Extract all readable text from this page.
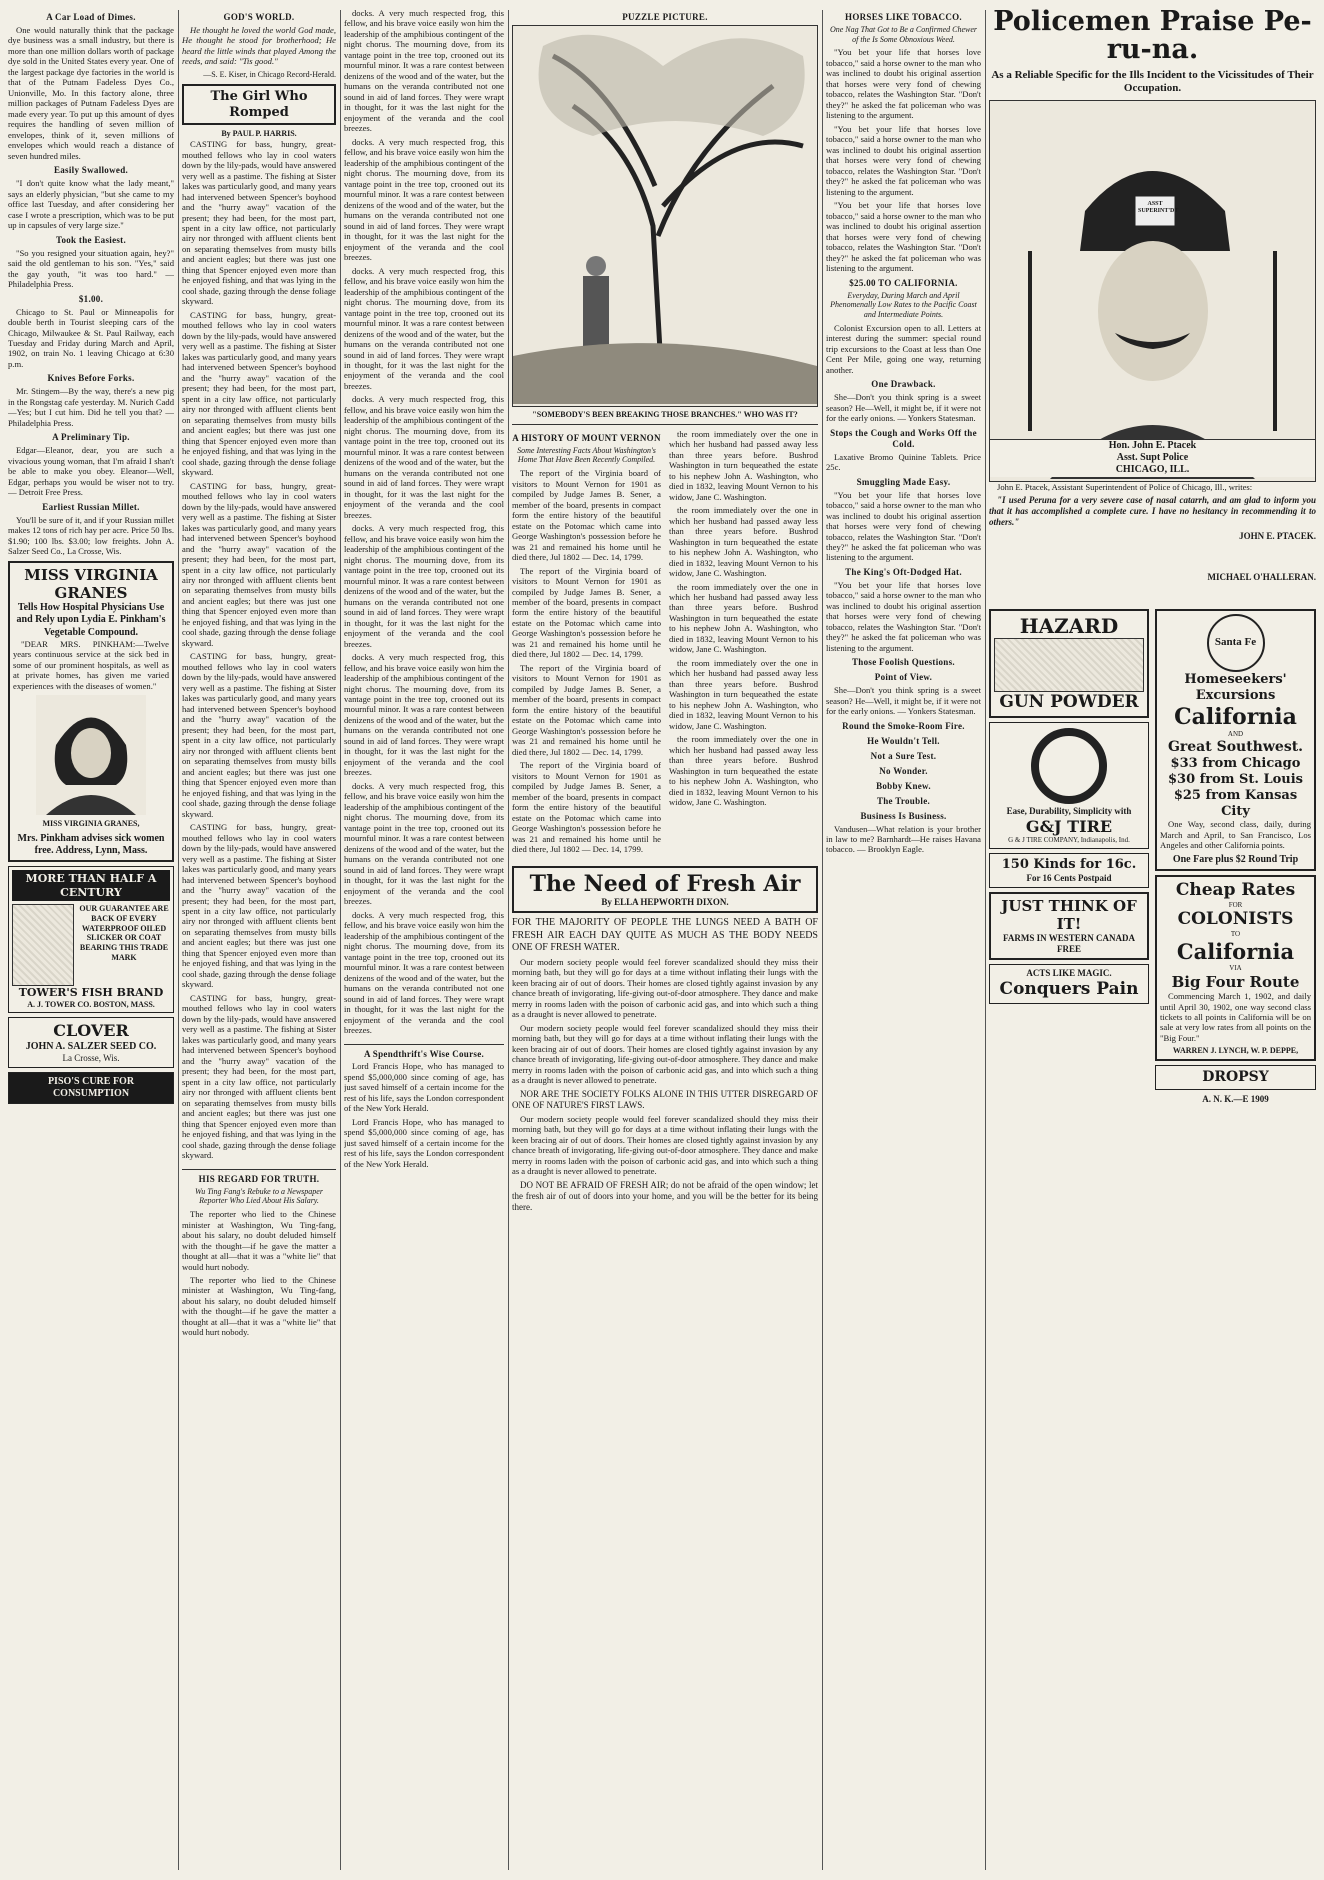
A Car Load of Dimes.

One would naturally think that the package dye business was a small industry, but there is more than one million dollars worth of package dye sold in the United States every year. One of the largest package dye factories in the world is that of the Putnam Fadeless Dyes Co., Unionville, Mo. In this factory alone, three million packages of Putnam Fadeless Dyes are made every year. To put up this amount of dyes requires the handling of seven million of envelopes, think of it, seven millions of envelopes which would reach a distance of seven hundred miles.

Easily Swallowed.

"I don't quite know what the lady meant," says an elderly physician, "but she came to my office last Tuesday, and after considering her case I wrote a prescription, which was to be put up in capsules of very large size."

Took the Easiest.

"So you resigned your situation again, hey?" said the old gentleman to his son. "Yes," said the gay youth, "it was too hard." — Philadelphia Press.

$1.00.

Chicago to St. Paul or Minneapolis for double berth in Tourist sleeping cars of the Chicago, Milwaukee & St. Paul Railway, each Tuesday and Friday during March and April, 1902, on train No. 1 leaving Chicago at 6:30 p.m.

Knives Before Forks.

Mr. Stingem—By the way, there's a new pig in the Rongstag cafe yesterday. M. Nurich Cadd—Yes; but I cut him. Did he tell you that? — Philadelphia Press.

A Preliminary Tip.

Edgar—Eleanor, dear, you are such a vivacious young woman, that I'm afraid I shan't be able to make you obey. Eleanor—Well, Edgar, perhaps you would be wiser not to try. — Detroit Free Press.

Earliest Russian Millet.

You'll be sure of it, and if your Russian millet makes 12 tons of rich hay per acre. Price 50 lbs. $1.90; 100 lbs. $3.00; low freights. John A. Salzer Seed Co., La Crosse, Wis.

MISS VIRGINIA GRANES
Tells How Hospital Physicians Use and Rely upon Lydia E. Pinkham's Vegetable Compound.

"DEAR MRS. PINKHAM:—Twelve years continuous service at the sick bed in some of our prominent hospitals, as well as at private homes, has given me varied experiences with the diseases of women."

MISS VIRGINIA GRANES,
Mrs. Pinkham advises sick women free. Address, Lynn, Mass.
MORE THAN HALF A CENTURY
OUR GUARANTEE ARE BACK OF EVERY WATERPROOF OILED SLICKER OR COAT BEARING THIS TRADE MARK
TOWER'S FISH BRAND
A. J. TOWER CO. BOSTON, MASS.
CLOVER
JOHN A. SALZER SEED CO.
La Crosse, Wis.
PISO'S CURE FOR CONSUMPTION
GOD'S WORLD.

He thought he loved the world God made, He thought he stood for brotherhood; He heard the little winds that played Among the reeds, and said: "Tis good."

—S. E. Kiser, in Chicago Record-Herald.
The Girl Who Romped
By PAUL P. HARRIS.

CASTING for bass, hungry, great-mouthed fellows who lay in cool waters down by the lily-pads, would have answered very well as a pastime. The fishing at Sister lakes was particularly good, and many years had intervened between Spencer's boyhood and the "hurry away" vacation of the present; they had been, for the most part, spent in a city law office, not particularly airy nor thronged with affluent clients bent on separating themselves from musty bills and ancient eagles; but there was just one thing that Spencer enjoyed even more than he enjoyed fishing, and that was lying in the cool shade, gazing through the dense foliage skyward.

CASTING for bass, hungry, great-mouthed fellows who lay in cool waters down by the lily-pads, would have answered very well as a pastime. The fishing at Sister lakes was particularly good, and many years had intervened between Spencer's boyhood and the "hurry away" vacation of the present; they had been, for the most part, spent in a city law office, not particularly airy nor thronged with affluent clients bent on separating themselves from musty bills and ancient eagles; but there was just one thing that Spencer enjoyed even more than he enjoyed fishing, and that was lying in the cool shade, gazing through the dense foliage skyward.

CASTING for bass, hungry, great-mouthed fellows who lay in cool waters down by the lily-pads, would have answered very well as a pastime. The fishing at Sister lakes was particularly good, and many years had intervened between Spencer's boyhood and the "hurry away" vacation of the present; they had been, for the most part, spent in a city law office, not particularly airy nor thronged with affluent clients bent on separating themselves from musty bills and ancient eagles; but there was just one thing that Spencer enjoyed even more than he enjoyed fishing, and that was lying in the cool shade, gazing through the dense foliage skyward.

CASTING for bass, hungry, great-mouthed fellows who lay in cool waters down by the lily-pads, would have answered very well as a pastime. The fishing at Sister lakes was particularly good, and many years had intervened between Spencer's boyhood and the "hurry away" vacation of the present; they had been, for the most part, spent in a city law office, not particularly airy nor thronged with affluent clients bent on separating themselves from musty bills and ancient eagles; but there was just one thing that Spencer enjoyed even more than he enjoyed fishing, and that was lying in the cool shade, gazing through the dense foliage skyward.

CASTING for bass, hungry, great-mouthed fellows who lay in cool waters down by the lily-pads, would have answered very well as a pastime. The fishing at Sister lakes was particularly good, and many years had intervened between Spencer's boyhood and the "hurry away" vacation of the present; they had been, for the most part, spent in a city law office, not particularly airy nor thronged with affluent clients bent on separating themselves from musty bills and ancient eagles; but there was just one thing that Spencer enjoyed even more than he enjoyed fishing, and that was lying in the cool shade, gazing through the dense foliage skyward.

CASTING for bass, hungry, great-mouthed fellows who lay in cool waters down by the lily-pads, would have answered very well as a pastime. The fishing at Sister lakes was particularly good, and many years had intervened between Spencer's boyhood and the "hurry away" vacation of the present; they had been, for the most part, spent in a city law office, not particularly airy nor thronged with affluent clients bent on separating themselves from musty bills and ancient eagles; but there was just one thing that Spencer enjoyed even more than he enjoyed fishing, and that was lying in the cool shade, gazing through the dense foliage skyward.

HIS REGARD FOR TRUTH.
Wu Ting Fang's Rebuke to a Newspaper Reporter Who Lied About His Salary.

The reporter who lied to the Chinese minister at Washington, Wu Ting-fang, about his salary, no doubt deluded himself with the thought—if he gave the matter a thought at all—that it was a "white lie" that would hurt nobody.

The reporter who lied to the Chinese minister at Washington, Wu Ting-fang, about his salary, no doubt deluded himself with the thought—if he gave the matter a thought at all—that it was a "white lie" that would hurt nobody.

docks. A very much respected frog, this fellow, and his brave voice easily won him the leadership of the amphibious contingent of the night chorus. The mourning dove, from its vantage point in the tree top, crooned out its mournful minor. It was a rare contest between denizens of the wood and of the water, but the humans on the veranda contributed not one sound in aid of land forces. They were wrapt in thought, for it was the last night for the enjoyment of the veranda and the cool breezes.

docks. A very much respected frog, this fellow, and his brave voice easily won him the leadership of the amphibious contingent of the night chorus. The mourning dove, from its vantage point in the tree top, crooned out its mournful minor. It was a rare contest between denizens of the wood and of the water, but the humans on the veranda contributed not one sound in aid of land forces. They were wrapt in thought, for it was the last night for the enjoyment of the veranda and the cool breezes.

docks. A very much respected frog, this fellow, and his brave voice easily won him the leadership of the amphibious contingent of the night chorus. The mourning dove, from its vantage point in the tree top, crooned out its mournful minor. It was a rare contest between denizens of the wood and of the water, but the humans on the veranda contributed not one sound in aid of land forces. They were wrapt in thought, for it was the last night for the enjoyment of the veranda and the cool breezes.

docks. A very much respected frog, this fellow, and his brave voice easily won him the leadership of the amphibious contingent of the night chorus. The mourning dove, from its vantage point in the tree top, crooned out its mournful minor. It was a rare contest between denizens of the wood and of the water, but the humans on the veranda contributed not one sound in aid of land forces. They were wrapt in thought, for it was the last night for the enjoyment of the veranda and the cool breezes.

docks. A very much respected frog, this fellow, and his brave voice easily won him the leadership of the amphibious contingent of the night chorus. The mourning dove, from its vantage point in the tree top, crooned out its mournful minor. It was a rare contest between denizens of the wood and of the water, but the humans on the veranda contributed not one sound in aid of land forces. They were wrapt in thought, for it was the last night for the enjoyment of the veranda and the cool breezes.

docks. A very much respected frog, this fellow, and his brave voice easily won him the leadership of the amphibious contingent of the night chorus. The mourning dove, from its vantage point in the tree top, crooned out its mournful minor. It was a rare contest between denizens of the wood and of the water, but the humans on the veranda contributed not one sound in aid of land forces. They were wrapt in thought, for it was the last night for the enjoyment of the veranda and the cool breezes.

docks. A very much respected frog, this fellow, and his brave voice easily won him the leadership of the amphibious contingent of the night chorus. The mourning dove, from its vantage point in the tree top, crooned out its mournful minor. It was a rare contest between denizens of the wood and of the water, but the humans on the veranda contributed not one sound in aid of land forces. They were wrapt in thought, for it was the last night for the enjoyment of the veranda and the cool breezes.

docks. A very much respected frog, this fellow, and his brave voice easily won him the leadership of the amphibious contingent of the night chorus. The mourning dove, from its vantage point in the tree top, crooned out its mournful minor. It was a rare contest between denizens of the wood and of the water, but the humans on the veranda contributed not one sound in aid of land forces. They were wrapt in thought, for it was the last night for the enjoyment of the veranda and the cool breezes.

A Spendthrift's Wise Course.

Lord Francis Hope, who has managed to spend $5,000,000 since coming of age, has just saved himself of a certain income for the rest of his life, says the London correspondent of the New York Herald.

Lord Francis Hope, who has managed to spend $5,000,000 since coming of age, has just saved himself of a certain income for the rest of his life, says the London correspondent of the New York Herald.

PUZZLE PICTURE.
"SOMEBODY'S BEEN BREAKING THOSE BRANCHES." WHO WAS IT?
A HISTORY OF MOUNT VERNON
Some Interesting Facts About Washington's Home That Have Been Recently Compiled.

The report of the Virginia board of visitors to Mount Vernon for 1901 as compiled by Judge James B. Sener, a member of the board, presents in compact form the entire history of the beautiful estate on the Potomac which came into George Washington's possession before he was 21 and remained his home until he died there, Jul 1802 — Dec. 14, 1799.

The report of the Virginia board of visitors to Mount Vernon for 1901 as compiled by Judge James B. Sener, a member of the board, presents in compact form the entire history of the beautiful estate on the Potomac which came into George Washington's possession before he was 21 and remained his home until he died there, Jul 1802 — Dec. 14, 1799.

The report of the Virginia board of visitors to Mount Vernon for 1901 as compiled by Judge James B. Sener, a member of the board, presents in compact form the entire history of the beautiful estate on the Potomac which came into George Washington's possession before he was 21 and remained his home until he died there, Jul 1802 — Dec. 14, 1799.

The report of the Virginia board of visitors to Mount Vernon for 1901 as compiled by Judge James B. Sener, a member of the board, presents in compact form the entire history of the beautiful estate on the Potomac which came into George Washington's possession before he was 21 and remained his home until he died there, Jul 1802 — Dec. 14, 1799.

the room immediately over the one in which her husband had passed away less than three years before. Bushrod Washington in turn bequeathed the estate to his nephew John A. Washington, who died in 1832, leaving Mount Vernon to his widow, Jane C. Washington.

the room immediately over the one in which her husband had passed away less than three years before. Bushrod Washington in turn bequeathed the estate to his nephew John A. Washington, who died in 1832, leaving Mount Vernon to his widow, Jane C. Washington.

the room immediately over the one in which her husband had passed away less than three years before. Bushrod Washington in turn bequeathed the estate to his nephew John A. Washington, who died in 1832, leaving Mount Vernon to his widow, Jane C. Washington.

the room immediately over the one in which her husband had passed away less than three years before. Bushrod Washington in turn bequeathed the estate to his nephew John A. Washington, who died in 1832, leaving Mount Vernon to his widow, Jane C. Washington.

the room immediately over the one in which her husband had passed away less than three years before. Bushrod Washington in turn bequeathed the estate to his nephew John A. Washington, who died in 1832, leaving Mount Vernon to his widow, Jane C. Washington.

The Need of Fresh Air
By ELLA HEPWORTH DIXON.

FOR THE MAJORITY OF PEOPLE THE LUNGS NEED A BATH OF FRESH AIR EACH DAY QUITE AS MUCH AS THE BODY NEEDS ONE OF FRESH WATER.

Our modern society people would feel forever scandalized should they miss their morning bath, but they will go for days at a time without inflating their lungs with the keen bracing air of out of doors. Their homes are closed tightly against invasion by any chance breath of invigorating, life-giving out-of-door atmosphere. They dance and make merry in rooms laden with the poison of carbonic acid gas, and into which such a thing as a draught is never allowed to penetrate.

Our modern society people would feel forever scandalized should they miss their morning bath, but they will go for days at a time without inflating their lungs with the keen bracing air of out of doors. Their homes are closed tightly against invasion by any chance breath of invigorating, life-giving out-of-door atmosphere. They dance and make merry in rooms laden with the poison of carbonic acid gas, and into which such a thing as a draught is never allowed to penetrate.

NOR ARE THE SOCIETY FOLKS ALONE IN THIS UTTER DISREGARD OF ONE OF NATURE'S FIRST LAWS.

Our modern society people would feel forever scandalized should they miss their morning bath, but they will go for days at a time without inflating their lungs with the keen bracing air of out of doors. Their homes are closed tightly against invasion by any chance breath of invigorating, life-giving out-of-door atmosphere. They dance and make merry in rooms laden with the poison of carbonic acid gas, and into which such a thing as a draught is never allowed to penetrate.

DO NOT BE AFRAID OF FRESH AIR; do not be afraid of the open window; let the fresh air of out of doors into your home, and you will be the better for its being there.

HORSES LIKE TOBACCO.
One Nag That Got to Be a Confirmed Chewer of the Is Some Obnoxious Weed.

"You bet your life that horses love tobacco," said a horse owner to the man who was inclined to doubt his original assertion that horses were very fond of chewing tobacco, relates the Washington Star. "Don't they?" he asked the fat policeman who was listening to the argument.

"You bet your life that horses love tobacco," said a horse owner to the man who was inclined to doubt his original assertion that horses were very fond of chewing tobacco, relates the Washington Star. "Don't they?" he asked the fat policeman who was listening to the argument.

"You bet your life that horses love tobacco," said a horse owner to the man who was inclined to doubt his original assertion that horses were very fond of chewing tobacco, relates the Washington Star. "Don't they?" he asked the fat policeman who was listening to the argument.

$25.00 TO CALIFORNIA.
Everyday, During March and April Phenomenally Low Rates to the Pacific Coast and Intermediate Points.

Colonist Excursion open to all. Letters at interest during the summer: special round trip excursions to the Coast at less than One Cent Per Mile, going one way, returning another.

One Drawback.

She—Don't you think spring is a sweet season? He—Well, it might be, if it were not for the early onions. — Yonkers Statesman.

Stops the Cough and Works Off the Cold.

Laxative Bromo Quinine Tablets. Price 25c.

Smuggling Made Easy.

"You bet your life that horses love tobacco," said a horse owner to the man who was inclined to doubt his original assertion that horses were very fond of chewing tobacco, relates the Washington Star. "Don't they?" he asked the fat policeman who was listening to the argument.

The King's Oft-Dodged Hat.

"You bet your life that horses love tobacco," said a horse owner to the man who was inclined to doubt his original assertion that horses were very fond of chewing tobacco, relates the Washington Star. "Don't they?" he asked the fat policeman who was listening to the argument.

Those Foolish Questions.
Point of View.

She—Don't you think spring is a sweet season? He—Well, it might be, if it were not for the early onions. — Yonkers Statesman.

Round the Smoke-Room Fire.
He Wouldn't Tell.
Not a Sure Test.
No Wonder.
Bobby Knew.
The Trouble.
Business Is Business.

Vandusen—What relation is your brother in law to me? Barnhardt—He raises Havana tobacco. — Brooklyn Eagle.

Policemen Praise Pe-ru-na.
As a Reliable Specific for the Ills Incident to the Vicissitudes of Their Occupation.
ASST SUPERINT'DT
Hon. John E. Ptacek
Asst. Supt Police
CHICAGO, ILL.

John E. Ptacek, Assistant Superintendent of Police of Chicago, Ill., writes:

"I used Peruna for a very severe case of nasal catarrh, and am glad to inform you that it has accomplished a complete cure. I have no hesitancy in recommending it to others."

JOHN E. PTACEK.
MICHAEL O'HALLERAN.
HAZARD
GUN POWDER
Ease, Durability, Simplicity with
G&J TIRE
G & J TIRE COMPANY, Indianapolis, Ind.
150 Kinds for 16c.
For 16 Cents Postpaid
JUST THINK OF IT!
FARMS IN WESTERN CANADA FREE
ACTS LIKE MAGIC.
Conquers Pain
Santa Fe
Homeseekers' Excursions
California
AND
Great Southwest.
$33 from Chicago
$30 from St. Louis
$25 from Kansas City

One Way, second class, daily, during March and April, to San Francisco, Los Angeles and other California points.

One Fare plus $2 Round Trip
Cheap Rates
FOR
COLONISTS
TO
California
VIA
Big Four Route

Commencing March 1, 1902, and daily until April 30, 1902, one way second class tickets to all points in California will be on sale at very low rates from all points on the "Big Four."

WARREN J. LYNCH, W. P. DEPPE,
DROPSY
A. N. K.—E 1909
